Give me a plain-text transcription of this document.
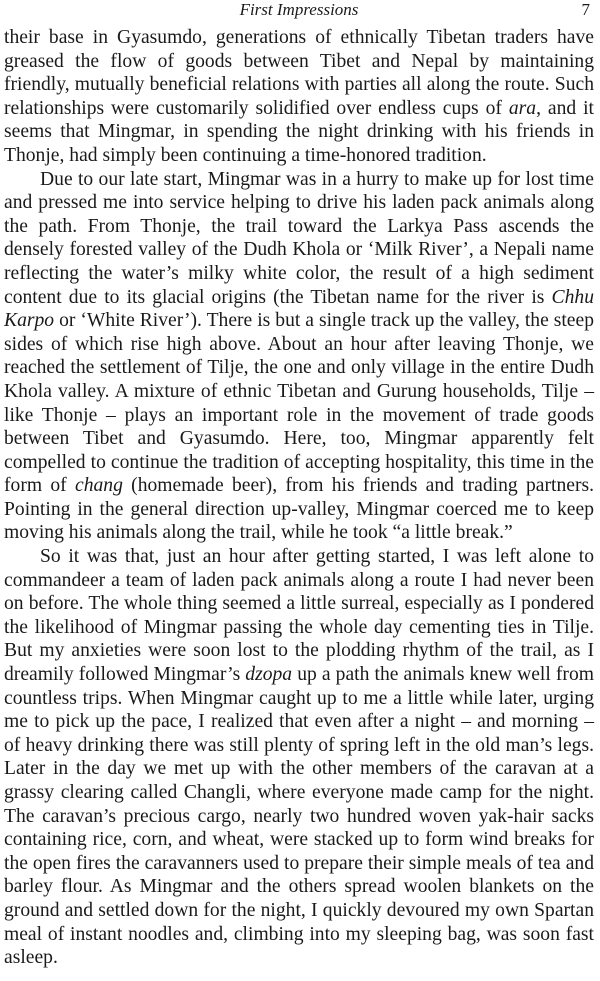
First Impressions	7

their base in Gyasumdo, generations of ethnically Tibetan traders have greased the flow of goods between Tibet and Nepal by maintaining friendly, mutually beneficial relations with parties all along the route. Such relationships were customarily solidified over endless cups of ara, and it seems that Mingmar, in spending the night drinking with his friends in Thonje, had simply been continuing a time-honored tradition.

Due to our late start, Mingmar was in a hurry to make up for lost time and pressed me into service helping to drive his laden pack animals along the path. From Thonje, the trail toward the Larkya Pass ascends the densely forested valley of the Dudh Khola or ‘Milk River’, a Nepali name reflecting the water’s milky white color, the result of a high sediment content due to its glacial origins (the Tibetan name for the river is Chhu Karpo or ‘White River’). There is but a single track up the valley, the steep sides of which rise high above. About an hour after leaving Thonje, we reached the settlement of Tilje, the one and only village in the entire Dudh Khola valley. A mixture of ethnic Tibetan and Gurung households, Tilje – like Thonje – plays an important role in the movement of trade goods between Tibet and Gyasumdo. Here, too, Mingmar apparently felt compelled to continue the tradition of accepting hospitality, this time in the form of chang (homemade beer), from his friends and trading partners. Pointing in the general direction up-valley, Mingmar coerced me to keep moving his animals along the trail, while he took “a little break.”

So it was that, just an hour after getting started, I was left alone to commandeer a team of laden pack animals along a route I had never been on before. The whole thing seemed a little surreal, especially as I pondered the likelihood of Mingmar passing the whole day cementing ties in Tilje. But my anxieties were soon lost to the plodding rhythm of the trail, as I dreamily followed Mingmar’s dzopa up a path the animals knew well from countless trips. When Mingmar caught up to me a little while later, urging me to pick up the pace, I realized that even after a night – and morning – of heavy drinking there was still plenty of spring left in the old man’s legs. Later in the day we met up with the other members of the caravan at a grassy clearing called Changli, where everyone made camp for the night. The caravan’s precious cargo, nearly two hundred woven yak-hair sacks containing rice, corn, and wheat, were stacked up to form wind breaks for the open fires the caravanners used to prepare their simple meals of tea and barley flour. As Mingmar and the others spread woolen blankets on the ground and settled down for the night, I quickly devoured my own Spartan meal of instant noodles and, climbing into my sleeping bag, was soon fast asleep.
